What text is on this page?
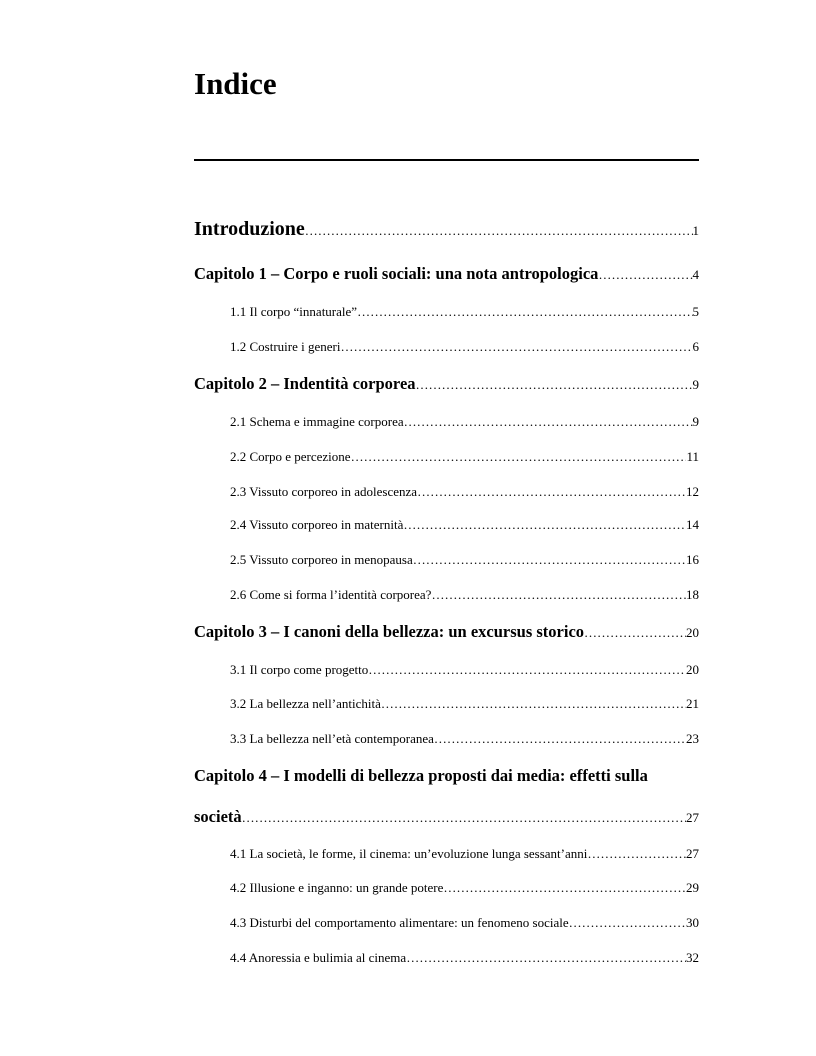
Indice
Introduzione ………………………………………………………………………………………………………………………………………………………………………………	1
Capitolo 1 – Corpo e ruoli sociali: una nota antropologica ………………………………………………………………………………………………………………………………………………………………………………	4
1.1 Il corpo “innaturale” ………………………………………………………………………………………………………………………………………………………………………………	5
1.2 Costruire i generi ………………………………………………………………………………………………………………………………………………………………………………	6
Capitolo 2 – Indentità corporea ………………………………………………………………………………………………………………………………………………………………………………	9
2.1 Schema e immagine corporea ………………………………………………………………………………………………………………………………………………………………………………	9
2.2 Corpo e percezione ………………………………………………………………………………………………………………………………………………………………………………	11
2.3 Vissuto corporeo in adolescenza ………………………………………………………………………………………………………………………………………………………………………………	12
2.4 Vissuto corporeo in maternità ………………………………………………………………………………………………………………………………………………………………………………	14
2.5 Vissuto corporeo in menopausa ………………………………………………………………………………………………………………………………………………………………………………	16
2.6 Come si forma l’identità corporea? ………………………………………………………………………………………………………………………………………………………………………………	18
Capitolo 3 – I canoni della bellezza: un excursus storico ………………………………………………………………………………………………………………………………………………………………………………	20
3.1 Il corpo come progetto ………………………………………………………………………………………………………………………………………………………………………………	20
3.2 La bellezza nell’antichità ………………………………………………………………………………………………………………………………………………………………………………	21
3.3 La bellezza nell’età contemporanea ………………………………………………………………………………………………………………………………………………………………………………	23
Capitolo 4 – I modelli di bellezza proposti dai media: effetti sulla
società ………………………………………………………………………………………………………………………………………………………………………………	27
4.1 La società, le forme, il cinema: un’evoluzione lunga sessant’anni ………………………………………………………………………………………………………………………………………………………………………………	27
4.2 Illusione e inganno: un grande potere ………………………………………………………………………………………………………………………………………………………………………………	29
4.3 Disturbi del comportamento alimentare: un fenomeno sociale ………………………………………………………………………………………………………………………………………………………………………………	30
4.4 Anoressia e bulimia al cinema ………………………………………………………………………………………………………………………………………………………………………………	32
